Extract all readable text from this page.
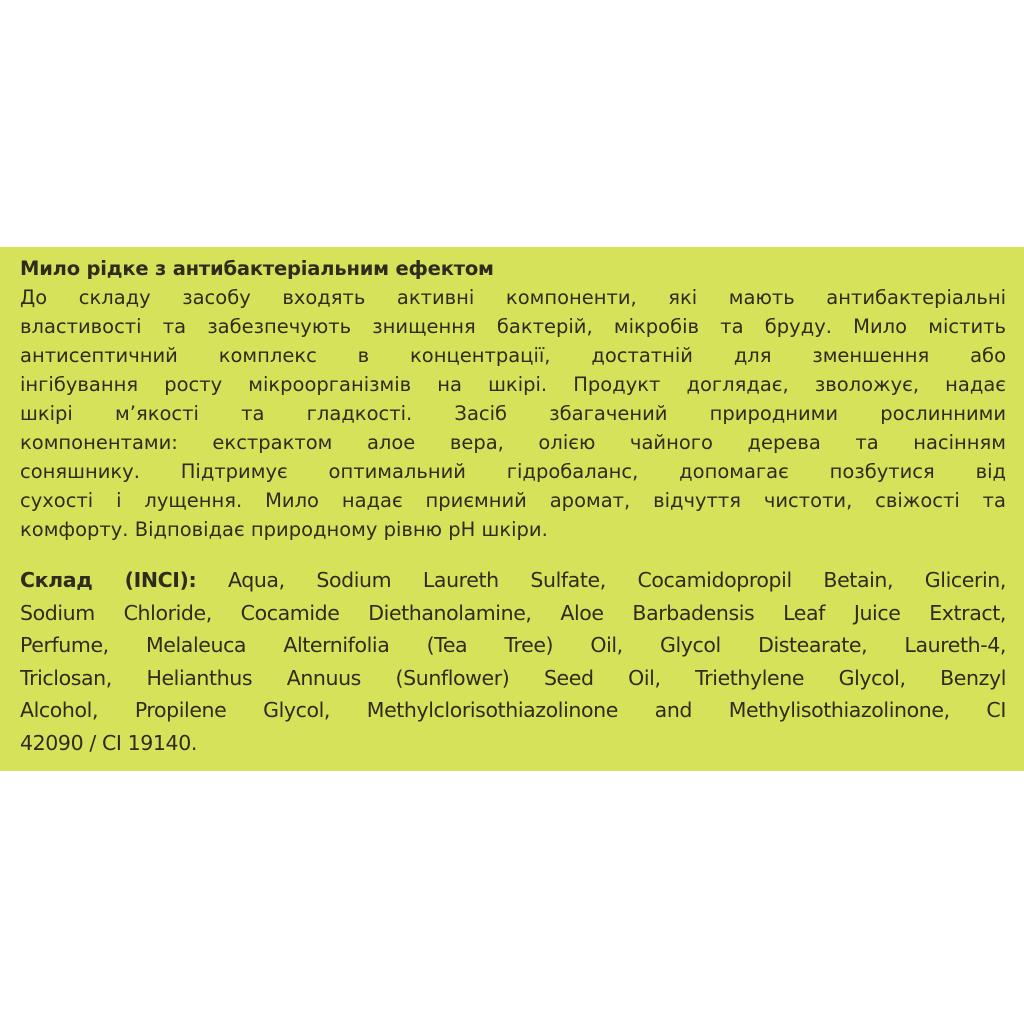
Мило рідке з антибактеріальним ефектом
До складу засобу входять активні компоненти, які мають антибактеріальні
властивості та забезпечують знищення бактерій, мікробів та бруду. Мило містить
антисептичний комплекс в концентрації, достатній для зменшення або
інгібування росту мікроорганізмів на шкірі. Продукт доглядає, зволожує, надає
шкірі м’якості та гладкості. Засіб збагачений природними рослинними
компонентами: екстрактом алое вера, олією чайного дерева та насінням
соняшнику. Підтримує оптимальний гідробаланс, допомагає позбутися від
сухості і лущення. Мило надає приємний аромат, відчуття чистоти, свіжості та
комфорту. Відповідає природному рівню pH шкіри.
Склад (INCI): Aqua, Sodium Laureth Sulfate, Cocamidopropil Betain, Glicerin,
Sodium Chloride, Cocamide Diethanolamine, Aloe Barbadensis Leaf Juice Extract,
Perfume, Melaleuca Alternifolia (Tea Tree) Oil, Glycol Distearate, Laureth-4,
Triclosan, Helianthus Annuus (Sunflower) Seed Oil, Triethylene Glycol, Benzyl
Alcohol, Propilene Glycol, Methylclorisothiazolinone and Methylisothiazolinone, CI
42090 / CI 19140.
